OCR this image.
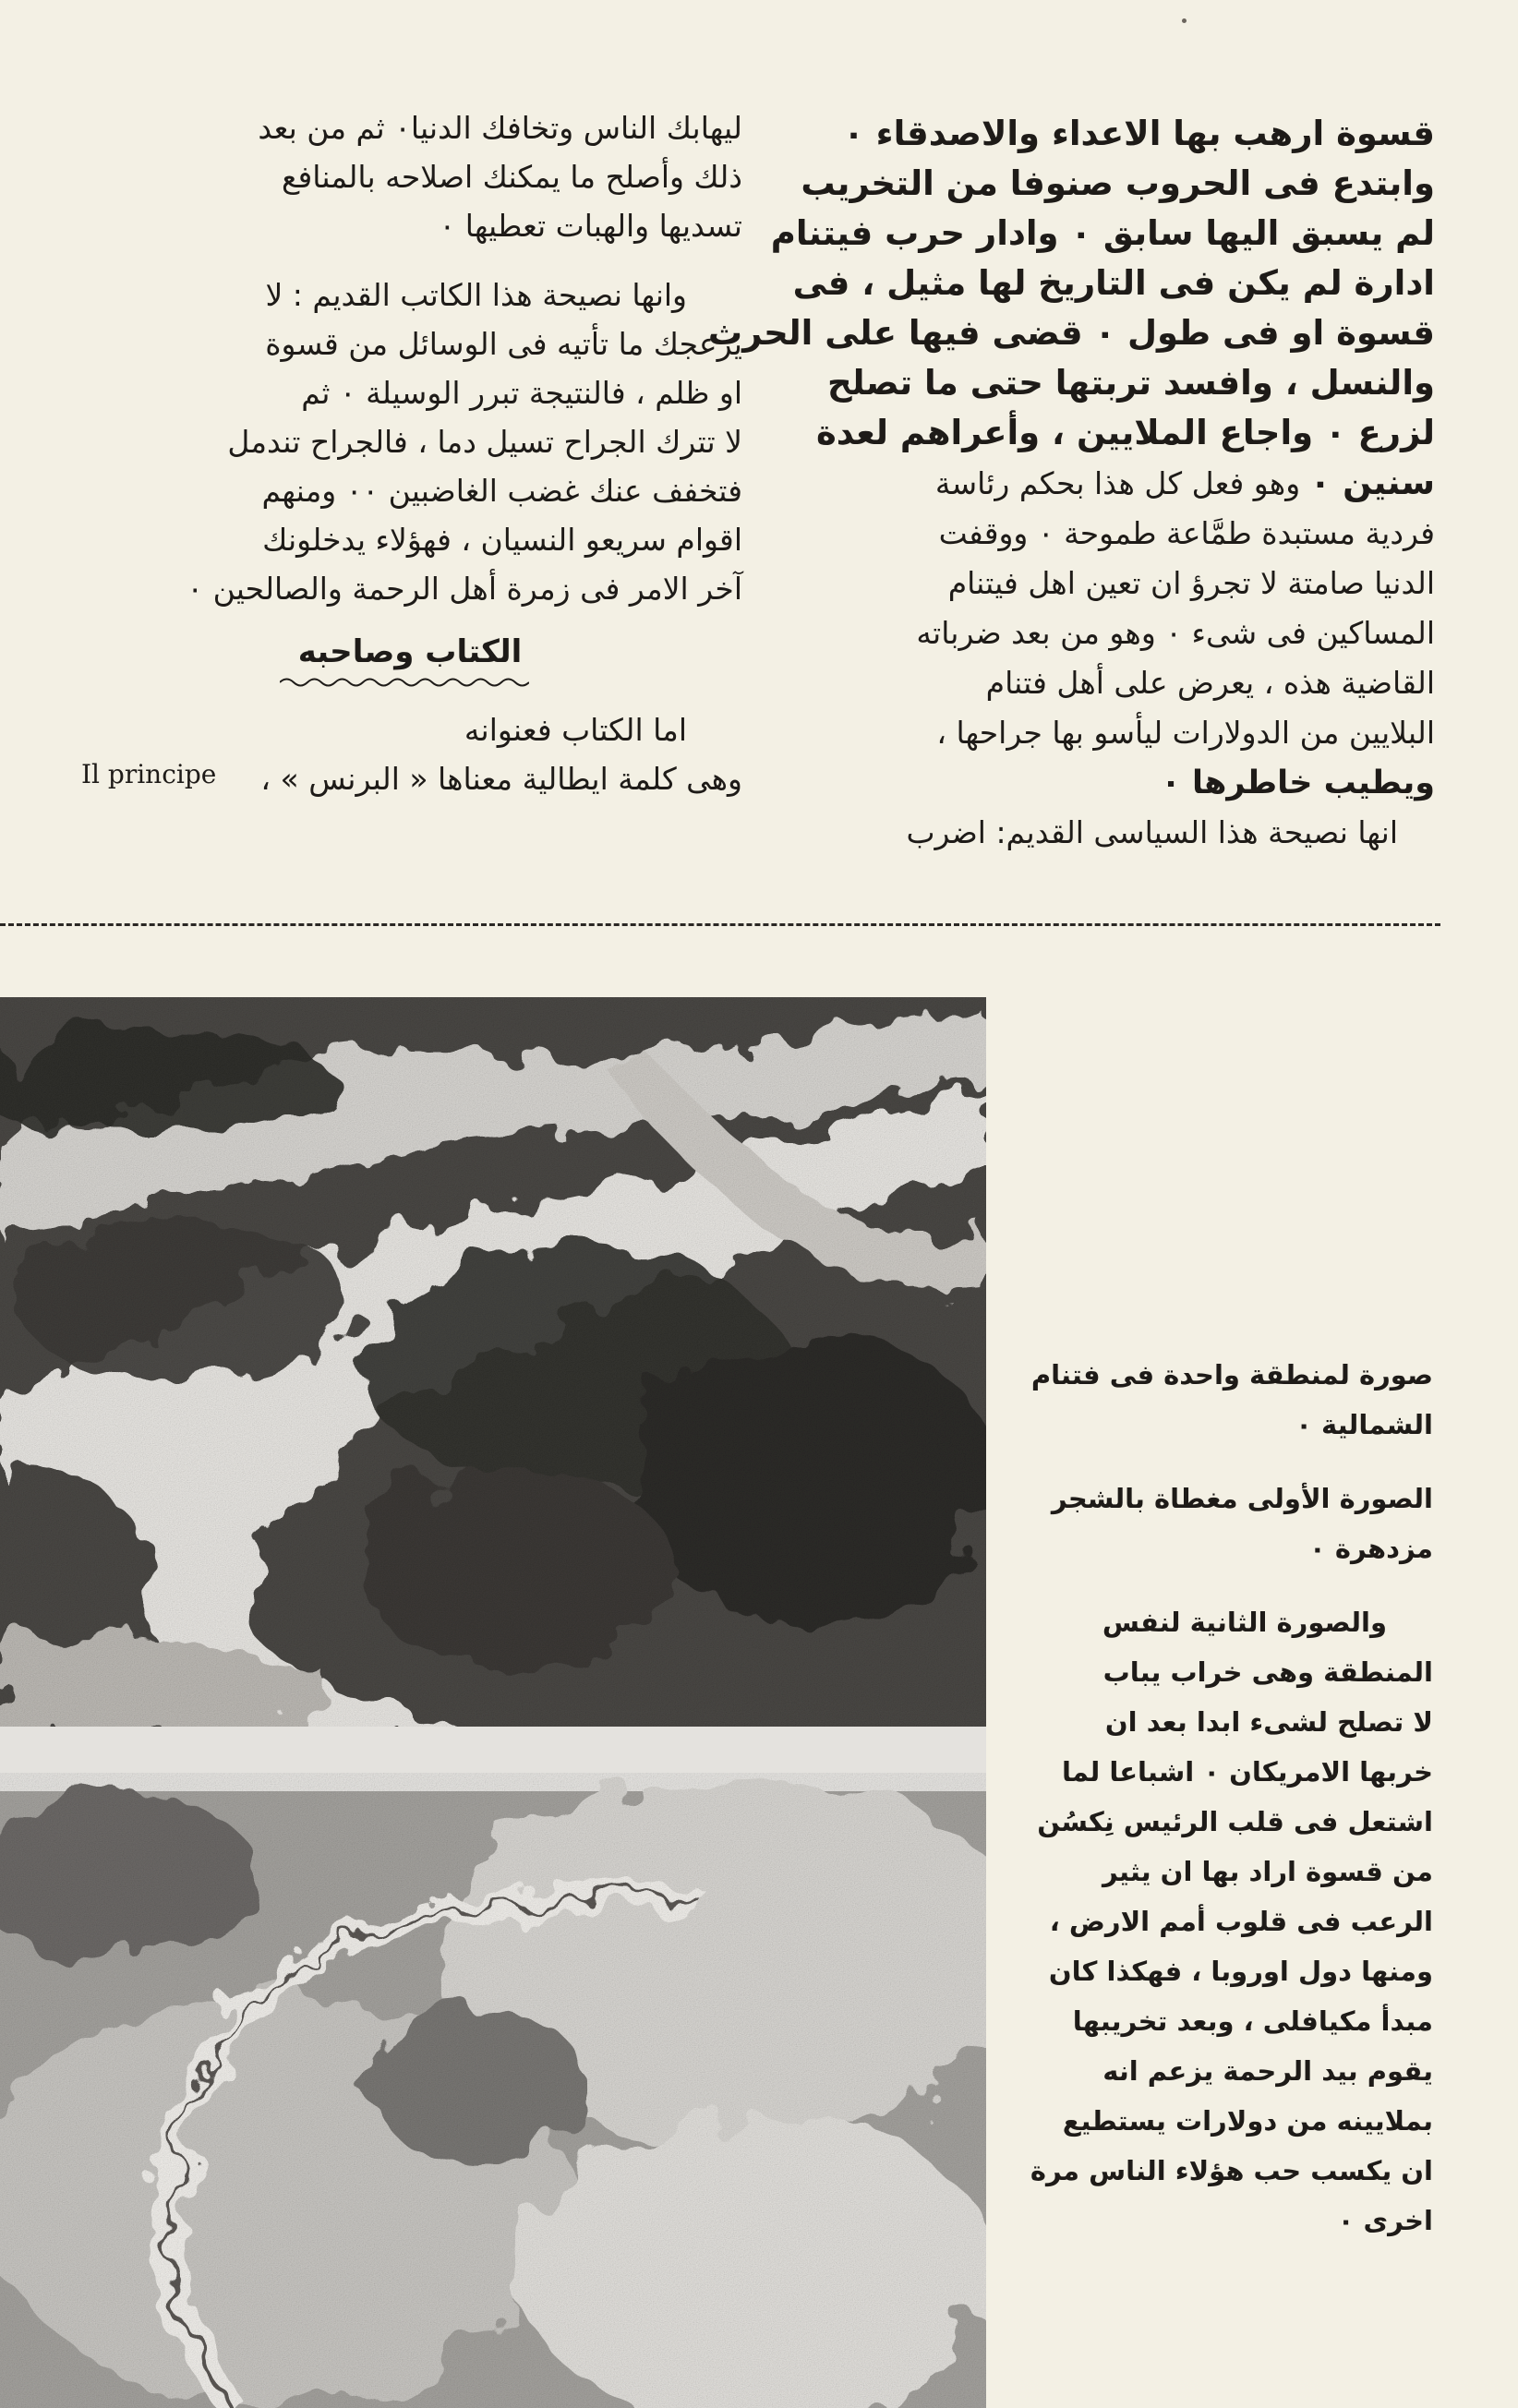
قسوة ارهب بها الاعداء والاصدقاء ٠
وابتدع فى الحروب صنوفا من التخريب
لم يسبق اليها سابق ٠ وادار حرب فيتنام
ادارة لم يكن فى التاريخ لها مثيل ، فى
قسوة او فى طول ٠ قضى فيها على الحرث
والنسل ، وافسد تربتها حتى ما تصلح
لزرع ٠ واجاع الملايين ، وأعراهم لعدة

سنين ٠ وهو فعل كل هذا بحكم رئاسة
فردية مستبدة طمَّاعة طموحة ٠ ووقفت
الدنيا صامتة لا تجرؤ ان تعين اهل فيتنام
المساكين فى شىء ٠ وهو من بعد ضرباته
القاضية هذه ، يعرض على أهل فتنام
البلايين من الدولارات ليأسو بها جراحها ،
ويطيب خاطرها ٠
انها نصيحة هذا السياسى القديم: اضرب

ليهابك الناس وتخافك الدنيا٠ ثم من بعد
ذلك وأصلح ما يمكنك اصلاحه بالمنافع
تسديها والهبات تعطيها ٠

وانها نصيحة هذا الكاتب القديم : لا
يزعجك ما تأتيه فى الوسائل من قسوة
او ظلم ، فالنتيجة تبرر الوسيلة ٠ ثم
لا تترك الجراح تسيل دما ، فالجراح تندمل
فتخفف عنك غضب الغاضبين ٠٠ ومنهم
اقوام سريعو النسيان ، فهؤلاء يدخلونك
آخر الامر فى زمرة أهل الرحمة والصالحين ٠

الكتاب وصاحبه

اما الكتاب فعنوانه
وهى كلمة ايطالية معناها « البرنس » ،

Il principe

صورة لمنطقة واحدة فى فتنام
الشمالية ٠

الصورة الأولى مغطاة بالشجر
مزدهرة ٠

والصورة الثانية لنفس
المنطقة وهى خراب يباب
لا تصلح لشىء ابدا بعد ان
خربها الامريكان ٠ اشباعا لما
اشتعل فى قلب الرئيس نِكسُن
من قسوة اراد بها ان يثير
الرعب فى قلوب أمم الارض ،
ومنها دول اوروبا ، فهكذا كان
مبدأ مكيافلى ، وبعد تخريبها
يقوم بيد الرحمة يزعم انه
بملايينه من دولارات يستطيع
ان يكسب حب هؤلاء الناس مرة
اخرى ٠
